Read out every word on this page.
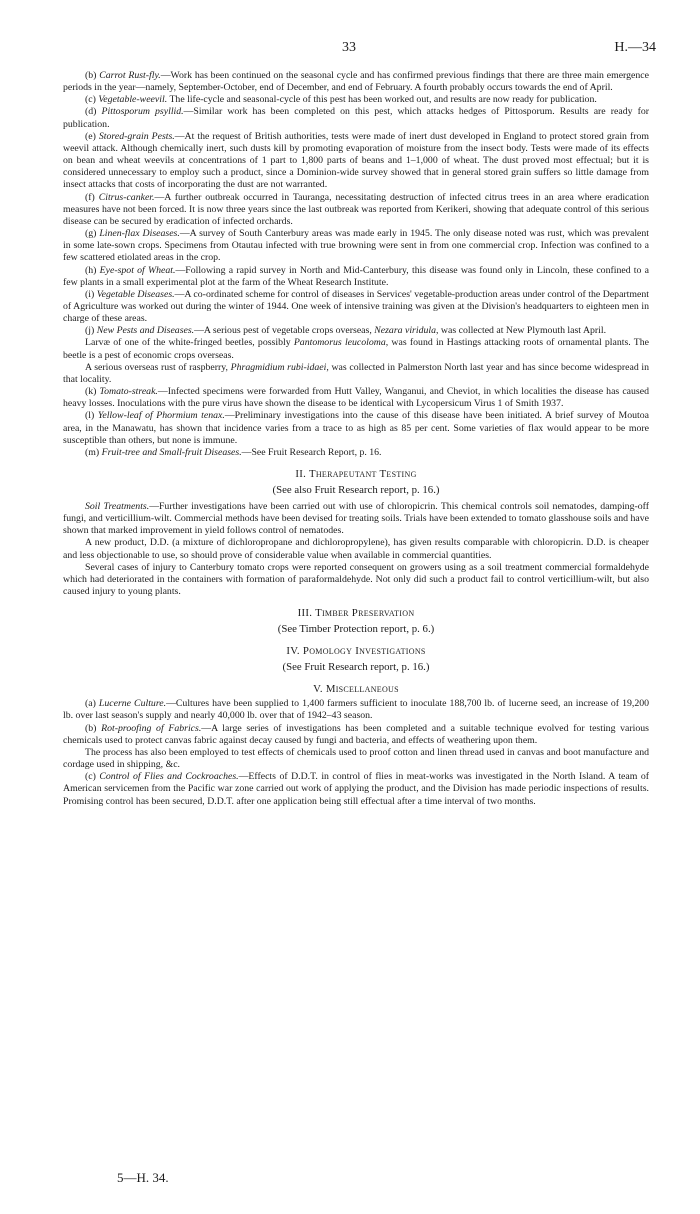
33	H.—34

(b) Carrot Rust-fly.—Work has been continued on the seasonal cycle and has confirmed previous findings that there are three main emergence periods in the year—namely, September-October, end of December, and end of February. A fourth probably occurs towards the end of April.

(c) Vegetable-weevil. The life-cycle and seasonal-cycle of this pest has been worked out, and results are now ready for publication.

(d) Pittosporum psyllid.—Similar work has been completed on this pest, which attacks hedges of Pittosporum. Results are ready for publication.

(e) Stored-grain Pests.—At the request of British authorities, tests were made of inert dust developed in England to protect stored grain from weevil attack. Although chemically inert, such dusts kill by promoting evaporation of moisture from the insect body. Tests were made of its effects on bean and wheat weevils at concentrations of 1 part to 1,800 parts of beans and 1–1,000 of wheat. The dust proved most effectual; but it is considered unnecessary to employ such a product, since a Dominion-wide survey showed that in general stored grain suffers so little damage from insect attacks that costs of incorporating the dust are not warranted.

(f) Citrus-canker.—A further outbreak occurred in Tauranga, necessitating destruction of infected citrus trees in an area where eradication measures have not been forced. It is now three years since the last outbreak was reported from Kerikeri, showing that adequate control of this serious disease can be secured by eradication of infected orchards.

(g) Linen-flax Diseases.—A survey of South Canterbury areas was made early in 1945. The only disease noted was rust, which was prevalent in some late-sown crops. Specimens from Otautau infected with true browning were sent in from one commercial crop. Infection was confined to a few scattered etiolated areas in the crop.

(h) Eye-spot of Wheat.—Following a rapid survey in North and Mid-Canterbury, this disease was found only in Lincoln, these confined to a few plants in a small experimental plot at the farm of the Wheat Research Institute.

(i) Vegetable Diseases.—A co-ordinated scheme for control of diseases in Services' vegetable-production areas under control of the Department of Agriculture was worked out during the winter of 1944. One week of intensive training was given at the Division's headquarters to eighteen men in charge of these areas.

(j) New Pests and Diseases.—A serious pest of vegetable crops overseas, Nezara viridula, was collected at New Plymouth last April.

Larvæ of one of the white-fringed beetles, possibly Pantomorus leucoloma, was found in Hastings attacking roots of ornamental plants. The beetle is a pest of economic crops overseas.

A serious overseas rust of raspberry, Phragmidium rubi-idaei, was collected in Palmerston North last year and has since become widespread in that locality.

(k) Tomato-streak.—Infected specimens were forwarded from Hutt Valley, Wanganui, and Cheviot, in which localities the disease has caused heavy losses. Inoculations with the pure virus have shown the disease to be identical with Lycopersicum Virus 1 of Smith 1937.

(l) Yellow-leaf of Phormium tenax.—Preliminary investigations into the cause of this disease have been initiated. A brief survey of Moutoa area, in the Manawatu, has shown that incidence varies from a trace to as high as 85 per cent. Some varieties of flax would appear to be more susceptible than others, but none is immune.

(m) Fruit-tree and Small-fruit Diseases.—See Fruit Research Report, p. 16.

II. Therapeutant Testing
(See also Fruit Research report, p. 16.)

Soil Treatments.—Further investigations have been carried out with use of chloropicrin. This chemical controls soil nematodes, damping-off fungi, and verticillium-wilt. Commercial methods have been devised for treating soils. Trials have been extended to tomato glasshouse soils and have shown that marked improvement in yield follows control of nematodes.

A new product, D.D. (a mixture of dichloropropane and dichloropropylene), has given results comparable with chloropicrin. D.D. is cheaper and less objectionable to use, so should prove of considerable value when available in commercial quantities.

Several cases of injury to Canterbury tomato crops were reported consequent on growers using as a soil treatment commercial formaldehyde which had deteriorated in the containers with formation of paraformaldehyde. Not only did such a product fail to control verticillium-wilt, but also caused injury to young plants.

III. Timber Preservation
(See Timber Protection report, p. 6.)
IV. Pomology Investigations
(See Fruit Research report, p. 16.)
V. Miscellaneous

(a) Lucerne Culture.—Cultures have been supplied to 1,400 farmers sufficient to inoculate 188,700 lb. of lucerne seed, an increase of 19,200 lb. over last season's supply and nearly 40,000 lb. over that of 1942–43 season.

(b) Rot-proofing of Fabrics.—A large series of investigations has been completed and a suitable technique evolved for testing various chemicals used to protect canvas fabric against decay caused by fungi and bacteria, and effects of weathering upon them.

The process has also been employed to test effects of chemicals used to proof cotton and linen thread used in canvas and boot manufacture and cordage used in shipping, &c.

(c) Control of Flies and Cockroaches.—Effects of D.D.T. in control of flies in meat-works was investigated in the North Island. A team of American servicemen from the Pacific war zone carried out work of applying the product, and the Division has made periodic inspections of results. Promising control has been secured, D.D.T. after one application being still effectual after a time interval of two months.

5—H. 34.
